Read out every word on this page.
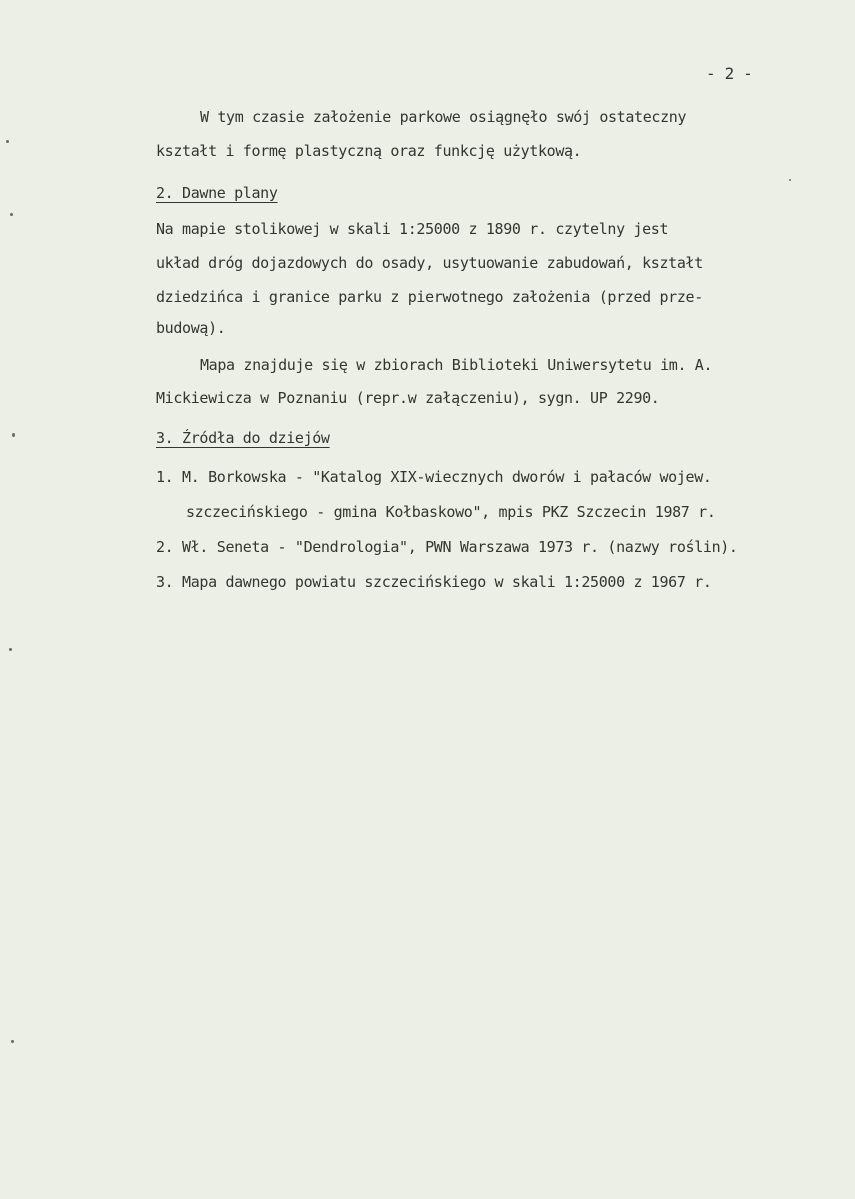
- 2 -
W tym czasie założenie parkowe osiągnęło swój ostateczny
kształt i formę plastyczną oraz funkcję użytkową.
2. Dawne plany
Na mapie stolikowej w skali 1:25000 z 1890 r. czytelny jest
układ dróg dojazdowych do osady, usytuowanie zabudowań, kształt
dziedzińca i granice parku z pierwotnego założenia (przed prze-
budową).
Mapa znajduje się w zbiorach Biblioteki Uniwersytetu im. A.
Mickiewicza w Poznaniu (repr.w załączeniu), sygn. UP 2290.
3. Źródła do dziejów
1. M. Borkowska - "Katalog XIX-wiecznych dworów i pałaców wojew.
szczecińskiego - gmina Kołbaskowo", mpis PKZ Szczecin 1987 r.
2. Wł. Seneta - "Dendrologia", PWN Warszawa 1973 r. (nazwy roślin).
3. Mapa dawnego powiatu szczecińskiego w skali 1:25000 z 1967 r.
